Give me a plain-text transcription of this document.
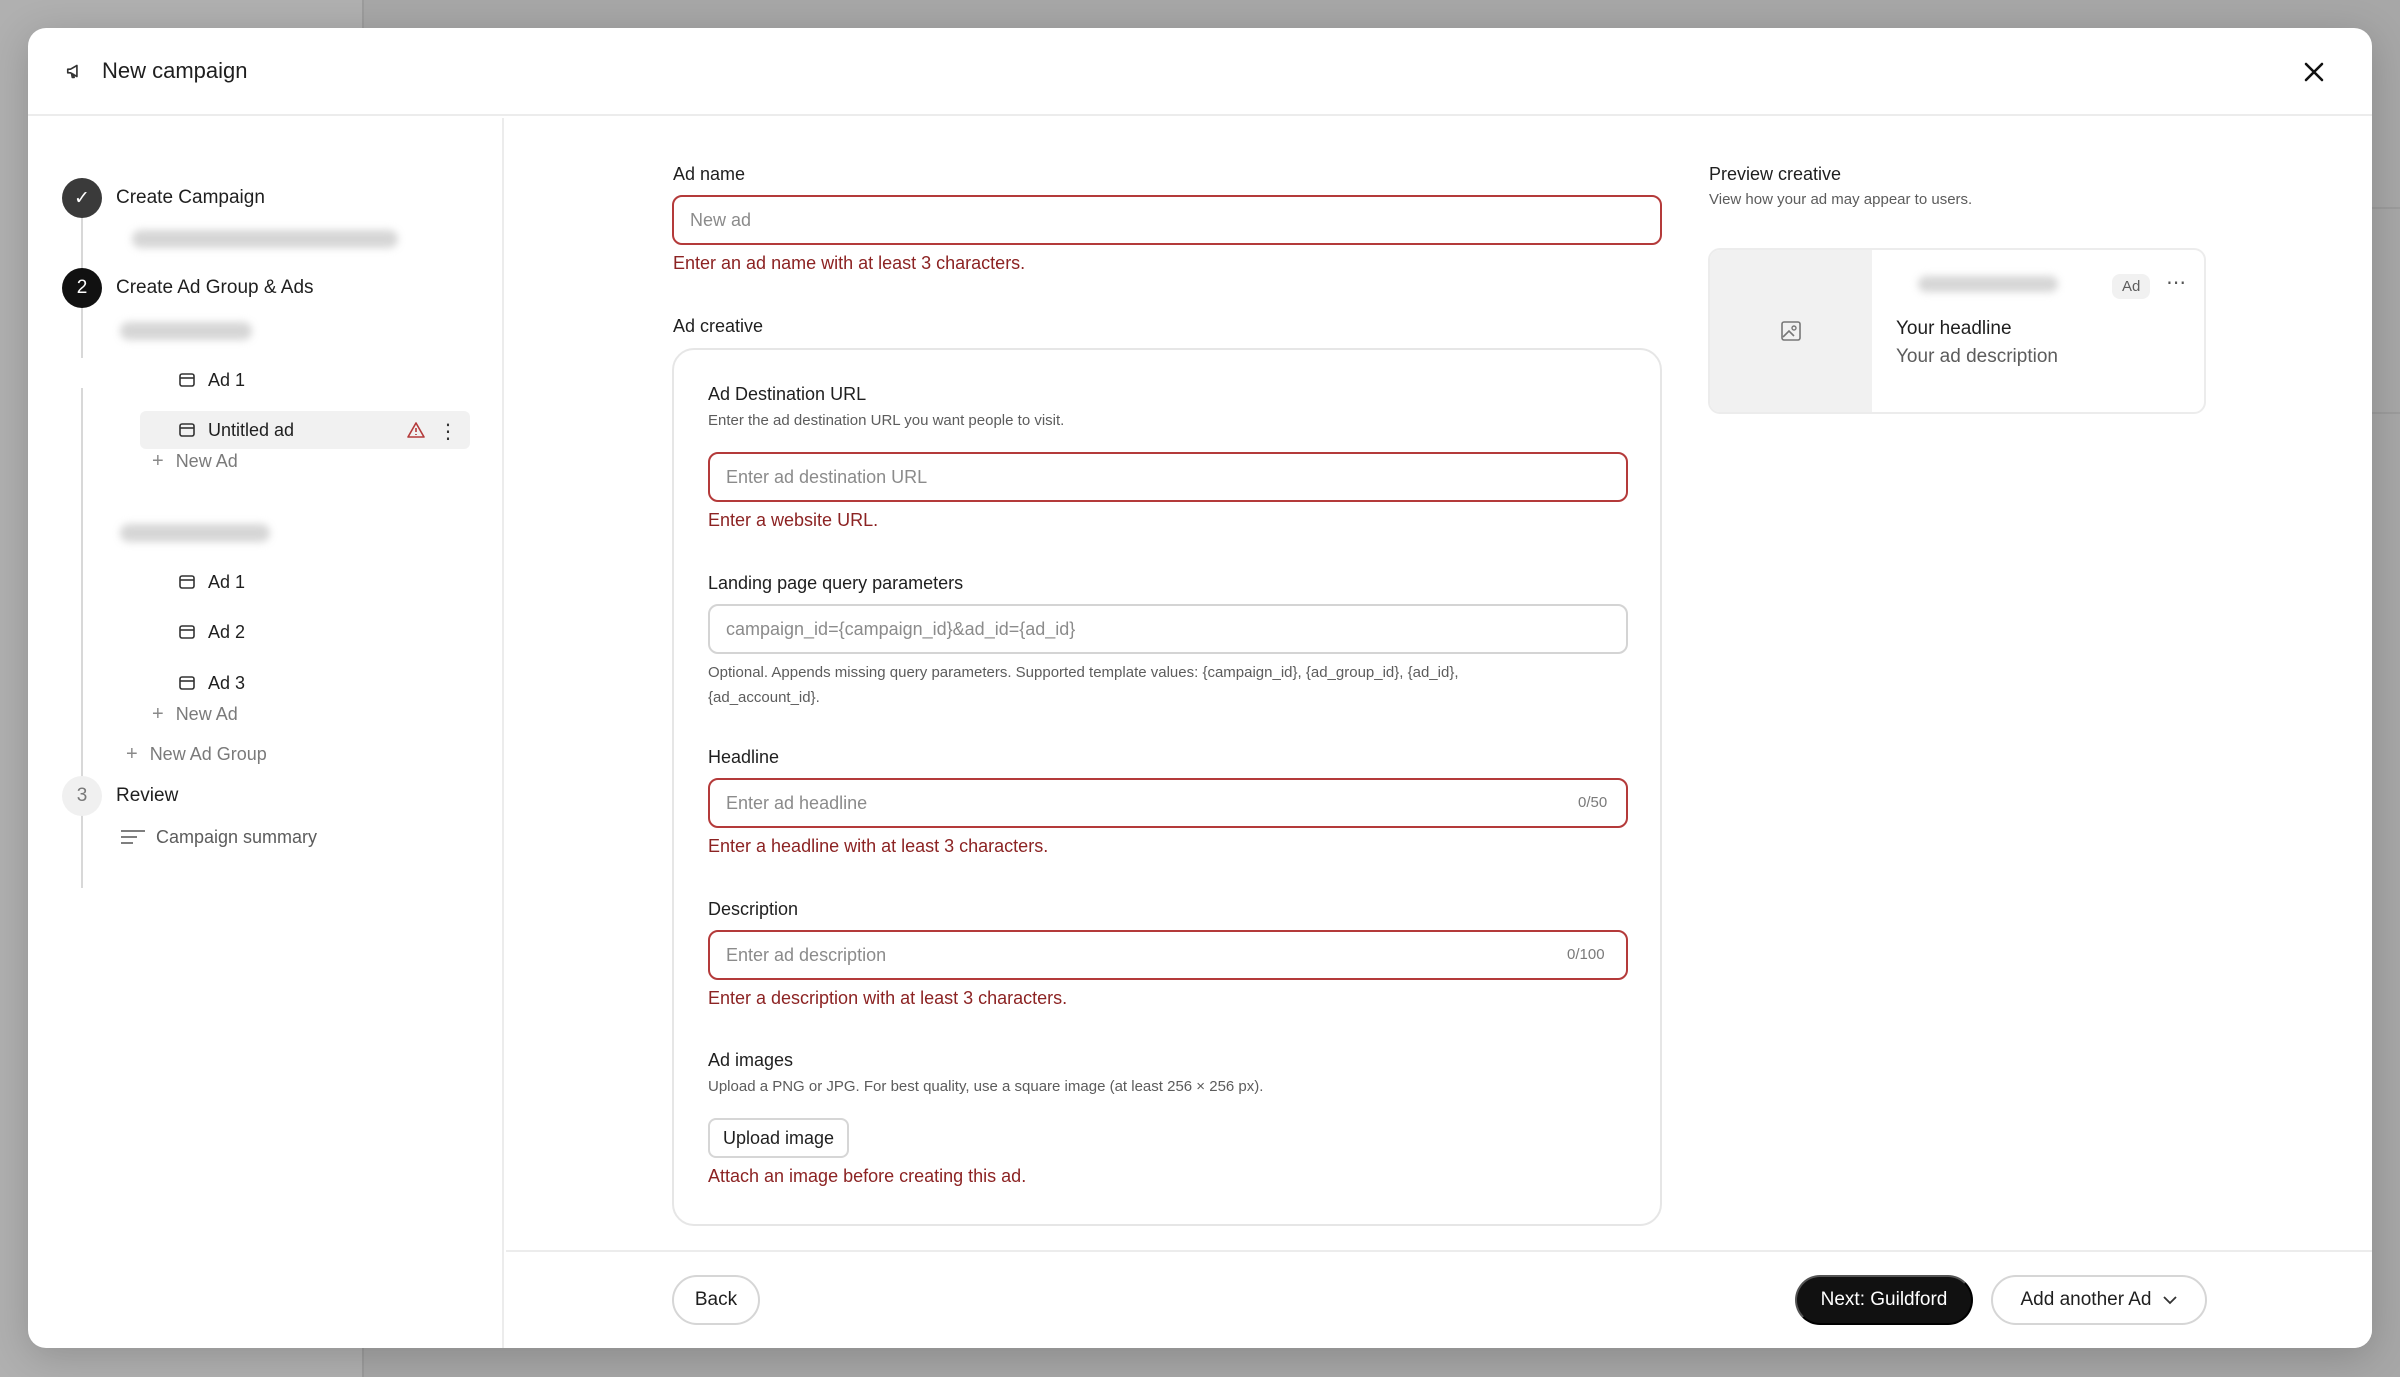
New campaign
✓	Create Campaign
2	Create Ad Group & Ads
Ad 1
Untitled ad	⋮
+ New Ad
Ad 1
Ad 2
Ad 3
+ New Ad
+ New Ad Group
3	Review
Campaign summary
Ad name
New ad
Enter an ad name with at least 3 characters.
Ad creative
Ad Destination URL
Enter the ad destination URL you want people to visit.
Enter ad destination URL
Enter a website URL.
Landing page query parameters
campaign_id={campaign_id}&ad_id={ad_id}
Optional. Appends missing query parameters. Supported template values: {campaign_id}, {ad_group_id}, {ad_id},
{ad_account_id}.
Headline
Enter ad headline
0/50
Enter a headline with at least 3 characters.
Description
Enter ad description
0/100
Enter a description with at least 3 characters.
Ad images
Upload a PNG or JPG. For best quality, use a square image (at least 256 × 256 px).
Upload image
Attach an image before creating this ad.
Preview creative
View how your ad may appear to users.
Ad	⋯
Your headline
Your ad description
Back	Next: Guildford	Add another Ad
